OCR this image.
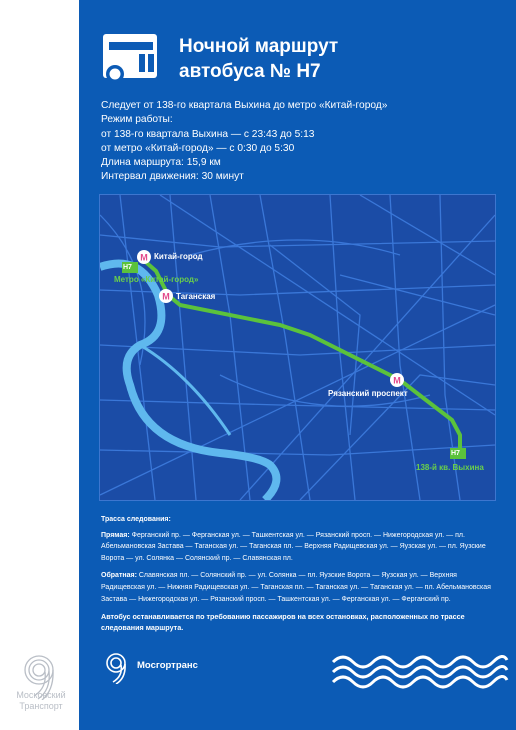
Московский
Транспорт
Ночной маршрут
автобуса № Н7
Следует от 138-го квартала Выхина до метро «Китай-город»
Режим работы:
от 138-го квартала Выхина — с 23:43 до 5:13
от метро «Китай-город» — с 0:30 до 5:30
Длина маршрута: 15,9 км
Интервал движения: 30 минут
M
M
M
Китай-город
Таганская
Рязанский проспект
Н7
Н7
Метро «Китай-город»
138-й кв. Выхина
Трасса следования:
Прямая: Ферганский пр. — Ферганская ул. — Ташкентская ул. — Рязанский просп. — Нижегородская ул. — пл. Абельмановская Застава — Таганская ул. — Таганская пл. — Верхняя Радищевская ул. — Яузская ул. — пл. Яузские Ворота — ул. Солянка — Солянский пр. — Славянская пл.
Обратная: Славянская пл. — Солянский пр. — ул. Солянка — пл. Яузские Ворота — Яузская ул. — Верхняя Радищевская ул. — Нижняя Радищевская ул. — Таганская пл. — Таганская ул. — Таганская ул. — пл. Абельмановская Застава — Нижегородская ул. — Рязанский просп. — Ташкентская ул. — Ферганская ул. — Ферганский пр.
Автобус останавливается по требованию пассажиров на всех остановках, расположенных по трассе следования маршрута.
Мосгортранс
